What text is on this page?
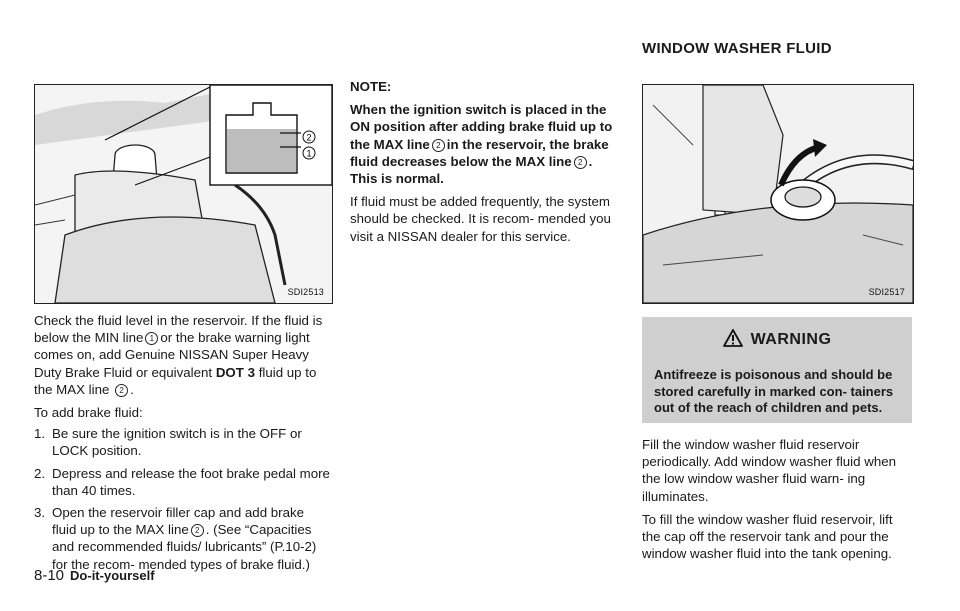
2
1
SDI2513

Check the fluid level in the reservoir. If the fluid is below the MIN line 1 or the brake warning light comes on, add Genuine NISSAN Super Heavy Duty Brake Fluid or equivalent DOT 3 fluid up to the MAX line 2 .

To add brake fluid:

1. Be sure the ignition switch is in the OFF or LOCK position.
2. Depress and release the foot brake pedal more than 40 times.
3. Open the reservoir filler cap and add brake fluid up to the MAX line 2 . (See “Capacities and recommended fluids/ lubricants” (P.10-2) for the recom- mended types of brake fluid.)

NOTE:

When the ignition switch is placed in the ON position after adding brake fluid up to the MAX line 2 in the reservoir, the brake fluid decreases below the MAX line 2 . This is normal.

If fluid must be added frequently, the system should be checked. It is recom- mended you visit a NISSAN dealer for this service.

WINDOW WASHER FLUID
SDI2517
WARNING
Antifreeze is poisonous and should be stored carefully in marked con- tainers out of the reach of children and pets.

Fill the window washer fluid reservoir periodically. Add window washer fluid when the low window washer fluid warn- ing illuminates.

To fill the window washer fluid reservoir, lift the cap off the reservoir tank and pour the window washer fluid into the tank opening.

8-10 Do-it-yourself
